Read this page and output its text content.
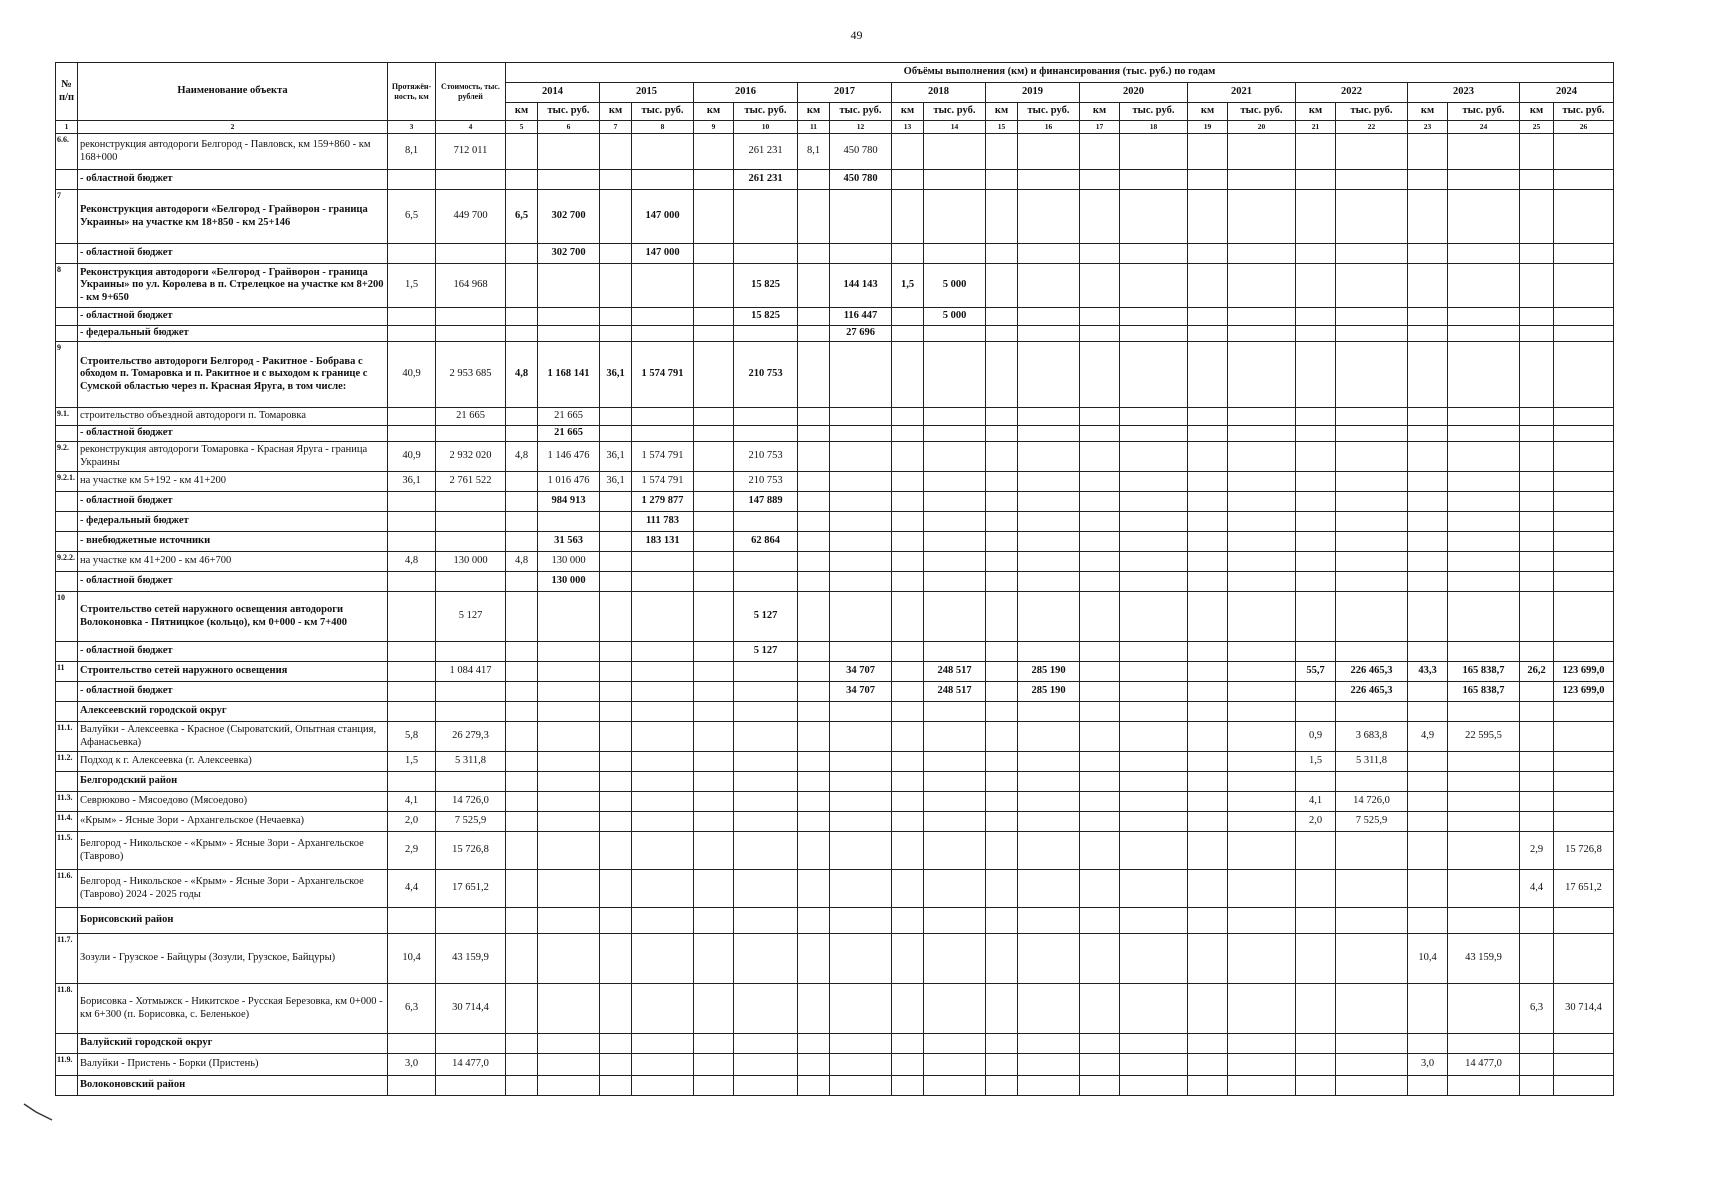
49
№ п/п	Наименование объекта	Протяжён-ность, км	Стоимость, тыс. рублей	Объёмы выполнения (км) и финансирования (тыс. руб.) по годам																					
				2014		2015		2016		2017		2018		2019		2020		2021		2022		2023		2024	
				км	тыс. руб.	км	тыс. руб.	км	тыс. руб.	км	тыс. руб.	км	тыс. руб.	км	тыс. руб.	км	тыс. руб.	км	тыс. руб.	км	тыс. руб.	км	тыс. руб.	км	тыс. руб.
1	2	3	4	5	6	7	8	9	10	11	12	13	14	15	16	17	18	19	20	21	22	23	24	25	26

6.6.	реконструкция автодороги Белгород - Павловск, км 159+860 - км 168+000	8,1	712 011						261 231	8,1	450 780														

	- областной бюджет								261 231		450 780														

7	Реконструкция автодороги «Белгород - Грайворон - граница Украины» на участке км 18+850 - км 25+146	6,5	449 700	6,5	302 700		147 000																		

	- областной бюджет				302 700		147 000																		

8	Реконструкция автодороги «Белгород - Грайворон - граница Украины» по ул. Королева в п. Стрелецкое на участке км 8+200 - км 9+650	1,5	164 968						15 825		144 143	1,5	5 000												

	- областной бюджет								15 825		116 447		5 000												

	- федеральный бюджет										27 696														

9	Строительство автодороги Белгород - Ракитное - Бобрава с обходом п. Томаровка и п. Ракитное и с выходом к границе с Сумской областью через п. Красная Яруга, в том числе:	40,9	2 953 685	4,8	1 168 141	36,1	1 574 791		210 753																

9.1.	строительство объездной автодороги п. Томаровка		21 665		21 665																				

	- областной бюджет				21 665																				

9.2.	реконструкция автодороги Томаровка - Красная Яруга - граница Украины	40,9	2 932 020	4,8	1 146 476	36,1	1 574 791		210 753																

9.2.1.	на участке км 5+192 - км 41+200	36,1	2 761 522		1 016 476	36,1	1 574 791		210 753																

	- областной бюджет				984 913		1 279 877		147 889																

	- федеральный бюджет						111 783																		

	- внебюджетные источники				31 563		183 131		62 864																

9.2.2.	на участке км 41+200 - км 46+700	4,8	130 000	4,8	130 000																				

	- областной бюджет				130 000																				

10	Строительство сетей наружного освещения автодороги Волоконовка - Пятницкое (кольцо), км 0+000 - км 7+400		5 127						5 127																

	- областной бюджет								5 127																

11	Строительство сетей наружного освещения		1 084 417								34 707		248 517		285 190					55,7	226 465,3	43,3	165 838,7	26,2	123 699,0

	- областной бюджет										34 707		248 517		285 190						226 465,3		165 838,7		123 699,0

	Алексеевский городской округ																								

11.1.	Валуйки - Алексеевка - Красное (Сыроватский, Опытная станция, Афанасьевка)	5,8	26 279,3																	0,9	3 683,8	4,9	22 595,5		

11.2.	Подход к г. Алексеевка (г. Алексеевка)	1,5	5 311,8																	1,5	5 311,8				

	Белгородский район																								

11.3.	Севрюково - Мясоедово (Мясоедово)	4,1	14 726,0																	4,1	14 726,0				

11.4.	«Крым» - Ясные Зори - Архангельское (Нечаевка)	2,0	7 525,9																	2,0	7 525,9				

11.5.	Белгород - Никольское - «Крым» - Ясные Зори - Архангельское (Таврово)	2,9	15 726,8																					2,9	15 726,8

11.6.	Белгород - Никольское - «Крым» - Ясные Зори - Архангельское (Таврово) 2024 - 2025 годы	4,4	17 651,2																					4,4	17 651,2

	Борисовский район																								

11.7.	Зозули - Грузское - Байцуры (Зозули, Грузское, Байцуры)	10,4	43 159,9																			10,4	43 159,9		

11.8.	Борисовка - Хотмыжск - Никитское - Русская Березовка, км 0+000 - км 6+300 (п. Борисовка, с. Беленькое)	6,3	30 714,4																					6,3	30 714,4

	Валуйский городской округ																								

11.9.	Валуйки - Пристень - Борки (Пристень)	3,0	14 477,0																			3,0	14 477,0		

	Волоконовский район																								
